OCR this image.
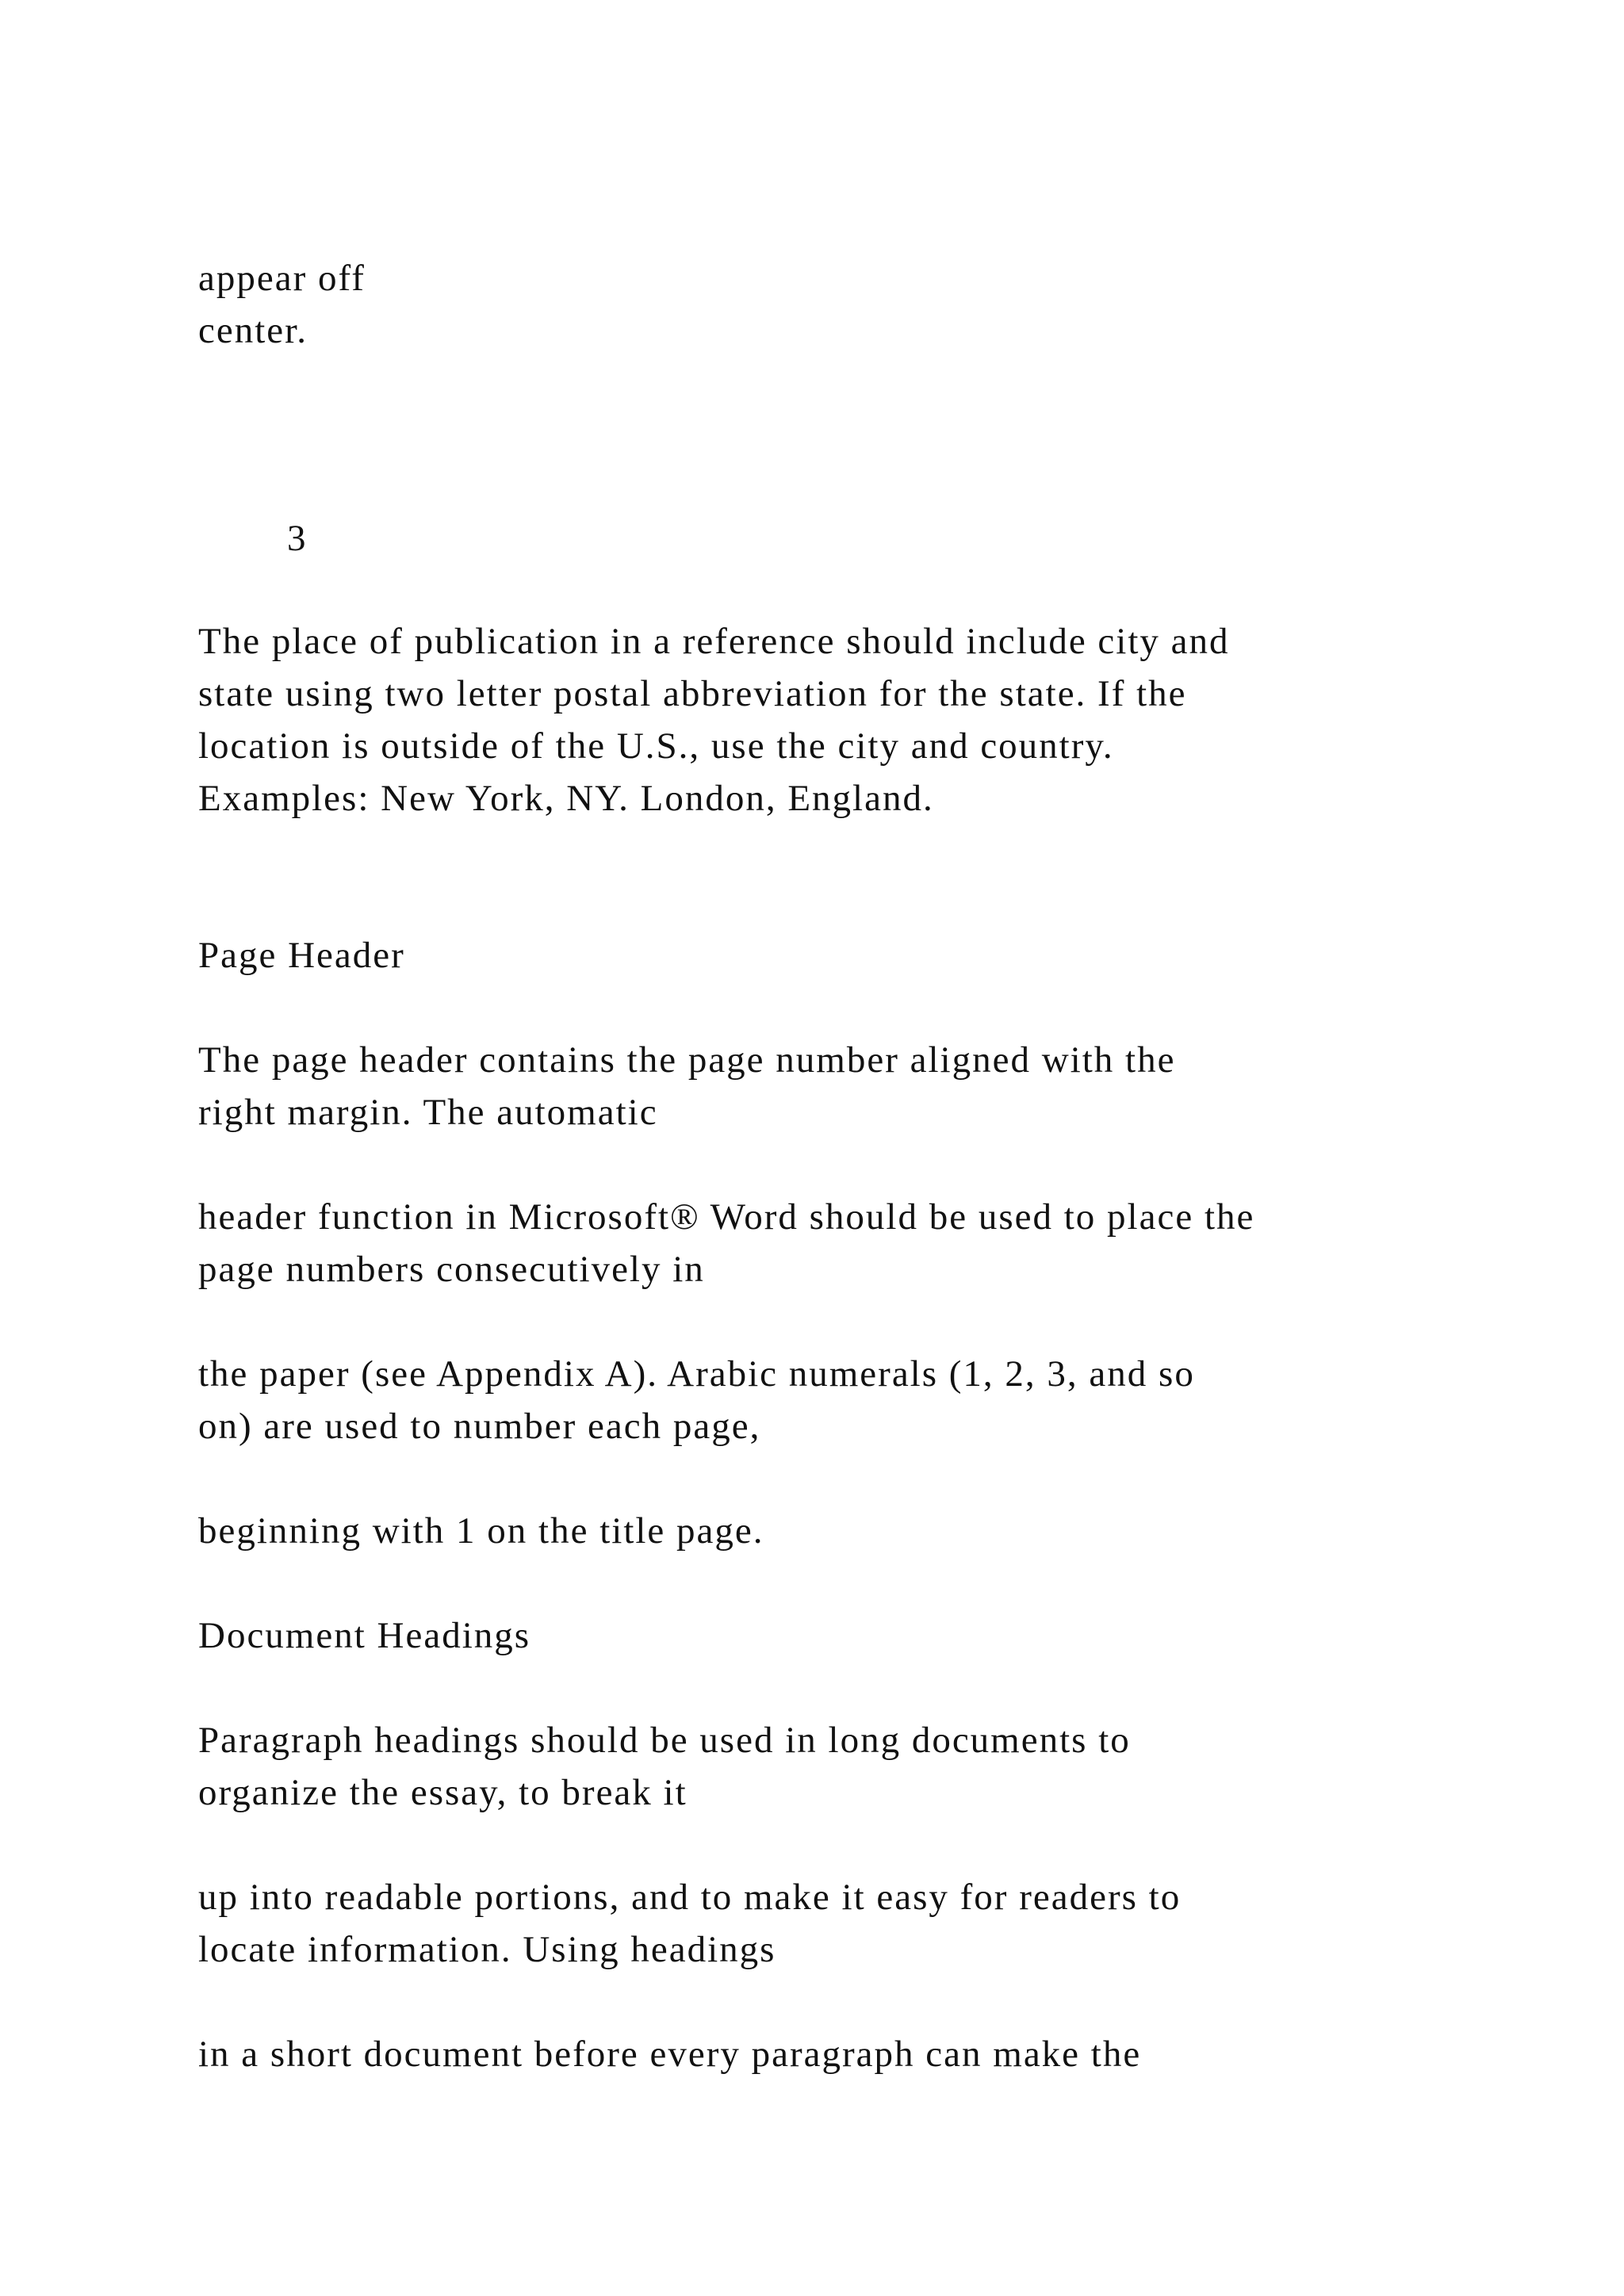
appear off

center.

3

The place of publication in a reference should include city and

state using two letter postal abbreviation for the state. If the

location is outside of the U.S., use the city and country.

Examples: New York, NY. London, England.

Page Header

The page header contains the page number aligned with the

right margin. The automatic

header function in Microsoft® Word should be used to place the

page numbers consecutively in

the paper (see Appendix A). Arabic numerals (1, 2, 3, and so

on) are used to number each page,

beginning with 1 on the title page.

Document Headings

Paragraph headings should be used in long documents to

organize the essay, to break it

up into readable portions, and to make it easy for readers to

locate information. Using headings

in a short document before every paragraph can make the
